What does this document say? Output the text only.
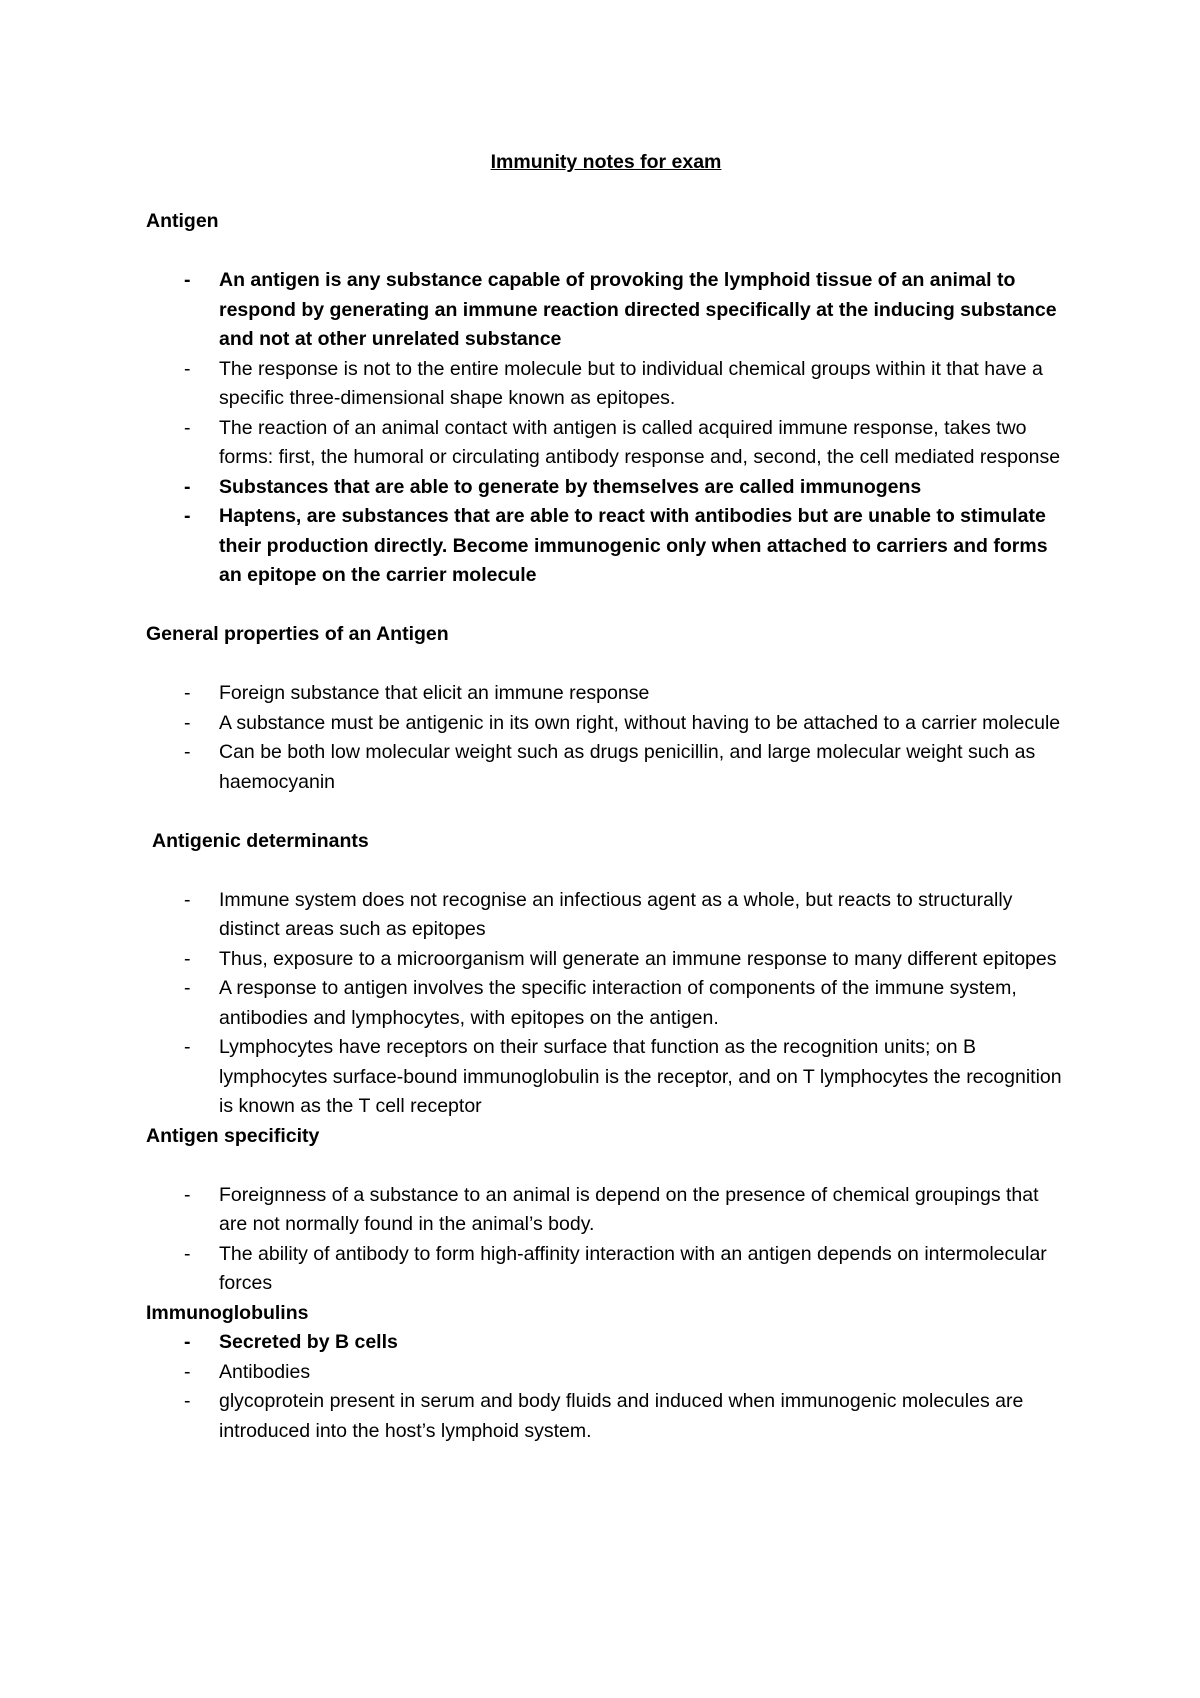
Immunity notes for exam

Antigen

- An antigen is any substance capable of provoking the lymphoid tissue of an animal to respond by generating an immune reaction directed specifically at the inducing substance and not at other unrelated substance
- The response is not to the entire molecule but to individual chemical groups within it that have a specific three-dimensional shape known as epitopes.
- The reaction of an animal contact with antigen is called acquired immune response, takes two forms: first, the humoral or circulating antibody response and, second, the cell mediated response
- Substances that are able to generate by themselves are called immunogens
- Haptens, are substances that are able to react with antibodies but are unable to stimulate their production directly. Become immunogenic only when attached to carriers and forms an epitope on the carrier molecule

General properties of an Antigen

- Foreign substance that elicit an immune response
- A substance must be antigenic in its own right, without having to be attached to a carrier molecule
- Can be both low molecular weight such as drugs penicillin, and large molecular weight such as haemocyanin

Antigenic determinants

- Immune system does not recognise an infectious agent as a whole, but reacts to structurally distinct areas such as epitopes
- Thus, exposure to a microorganism will generate an immune response to many different epitopes
- A response to antigen involves the specific interaction of components of the immune system, antibodies and lymphocytes, with epitopes on the antigen.
- Lymphocytes have receptors on their surface that function as the recognition units; on B lymphocytes surface-bound immunoglobulin is the receptor, and on T lymphocytes the recognition is known as the T cell receptor

Antigen specificity

- Foreignness of a substance to an animal is depend on the presence of chemical groupings that are not normally found in the animal’s body.
- The ability of antibody to form high-affinity interaction with an antigen depends on intermolecular forces

Immunoglobulins

- Secreted by B cells
- Antibodies
- glycoprotein present in serum and body fluids and induced when immunogenic molecules are introduced into the host’s lymphoid system.
